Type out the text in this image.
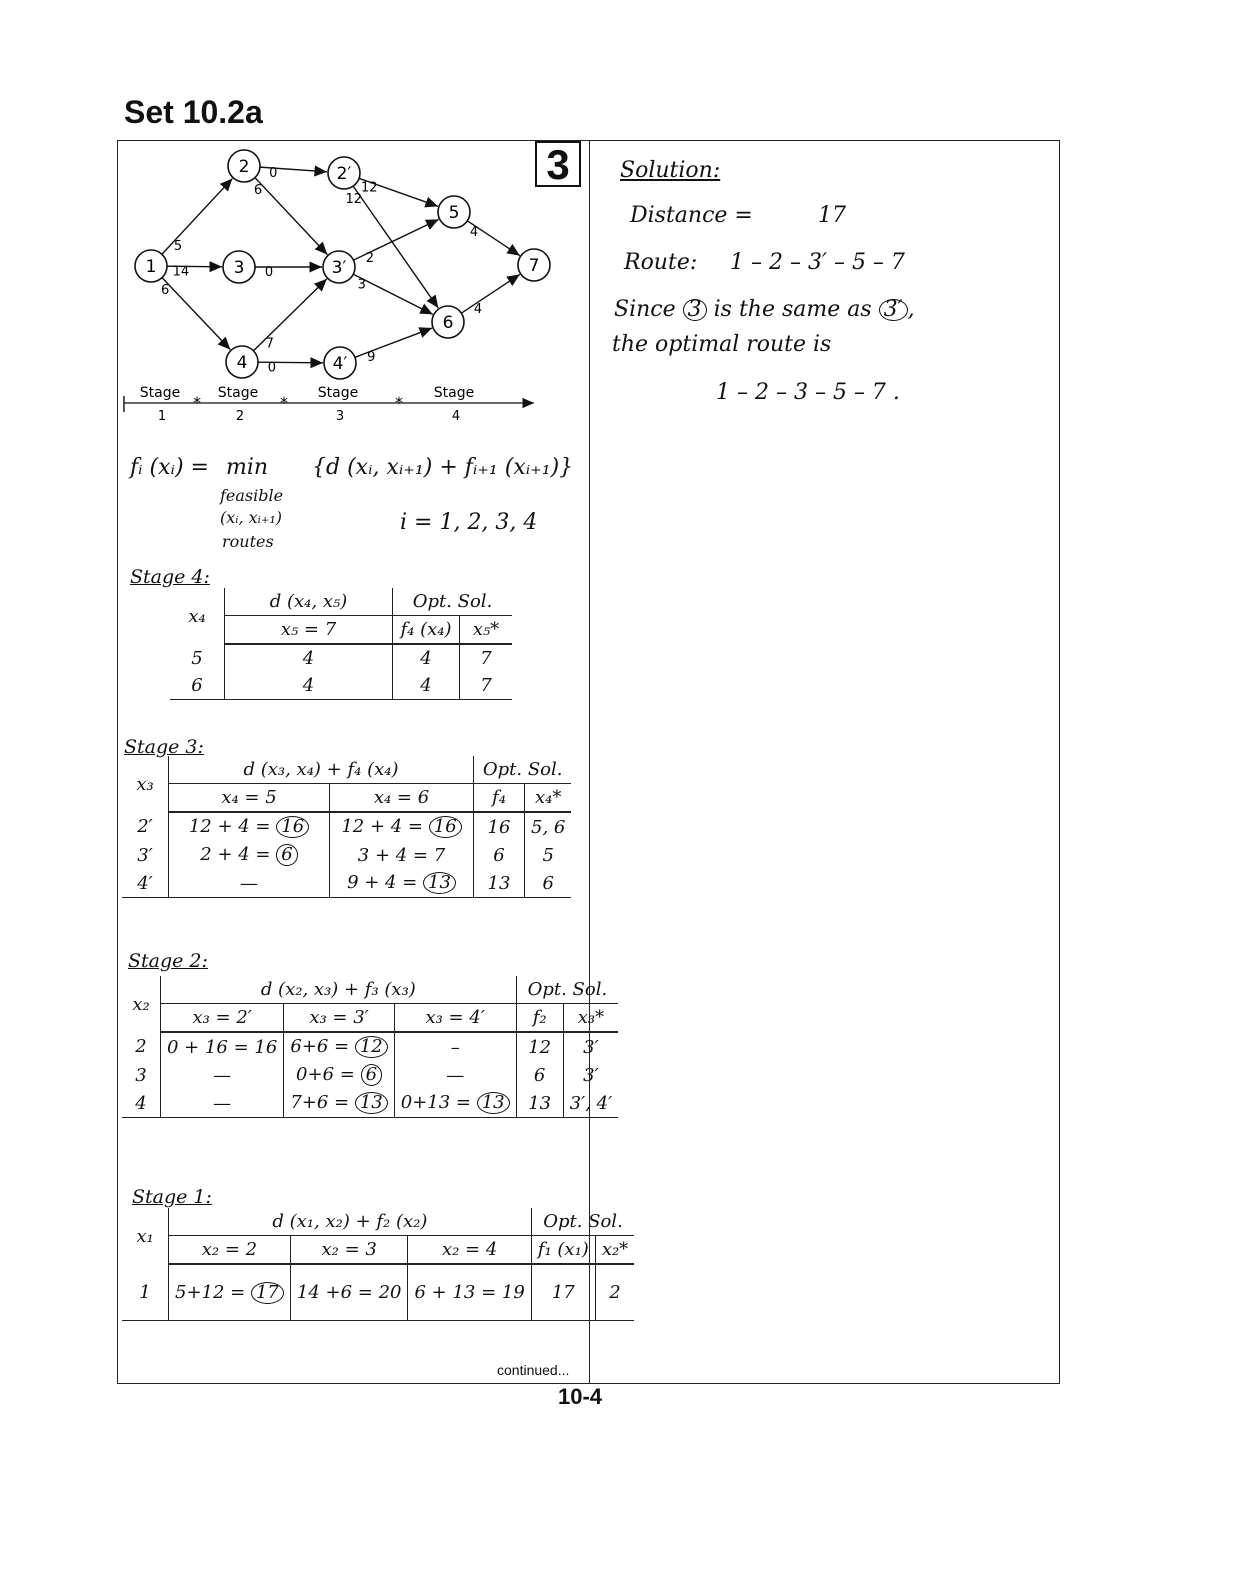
Set 10.2a
3
5
14
6
0
6
0
7
0
12
12
2
3
9
4
4
1
2
3
4
2′
3′
4′
5
6
7
|	*	*	*
Stage
1
Stage
2
Stage
3
Stage
4
fᵢ (xᵢ) = min
feasible
(xᵢ, xᵢ₊₁)
routes
{d (xᵢ, xᵢ₊₁) + fᵢ₊₁ (xᵢ₊₁)}
i = 1, 2, 3, 4
Stage 4:
x₄	d (x₄, x₅)	Opt. Sol.	
	x₅ = 7	f₄ (x₄)	x₅*
5	4	4	7
6	4	4	7
Stage 3:
x₃	d (x₃, x₄) + f₄ (x₄)		Opt. Sol.	
	x₄ = 5	x₄ = 6	f₄	x₄*
2′	12 + 4 = 16	12 + 4 = 16	16	5, 6
3′	2 + 4 = 6	3 + 4 = 7	6	5
4′	—	9 + 4 = 13	13	6
Stage 2:
x₂	d (x₂, x₃) + f₃ (x₃)			Opt. Sol.	
	x₃ = 2′	x₃ = 3′	x₃ = 4′	f₂	x₃*
2	0 + 16 = 16	6+6 = 12	–	12	3′
3	—	0+6 = 6	—	6	3′
4	—	7+6 = 13	0+13 = 13	13	3′, 4′
Stage 1:
x₁	d (x₁, x₂) + f₂ (x₂)			Opt. Sol.	
	x₂ = 2	x₂ = 3	x₂ = 4	f₁ (x₁)	x₂*
1	5+12 = 17	14 +6 = 20	6 + 13 = 19	17	2
Solution:
Distance =	17
Route: 1 – 2 – 3′ – 5 – 7
Since 3 is the same as 3′ ,
the optimal route is
1 – 2 – 3 – 5 – 7 .
continued...
10-4
